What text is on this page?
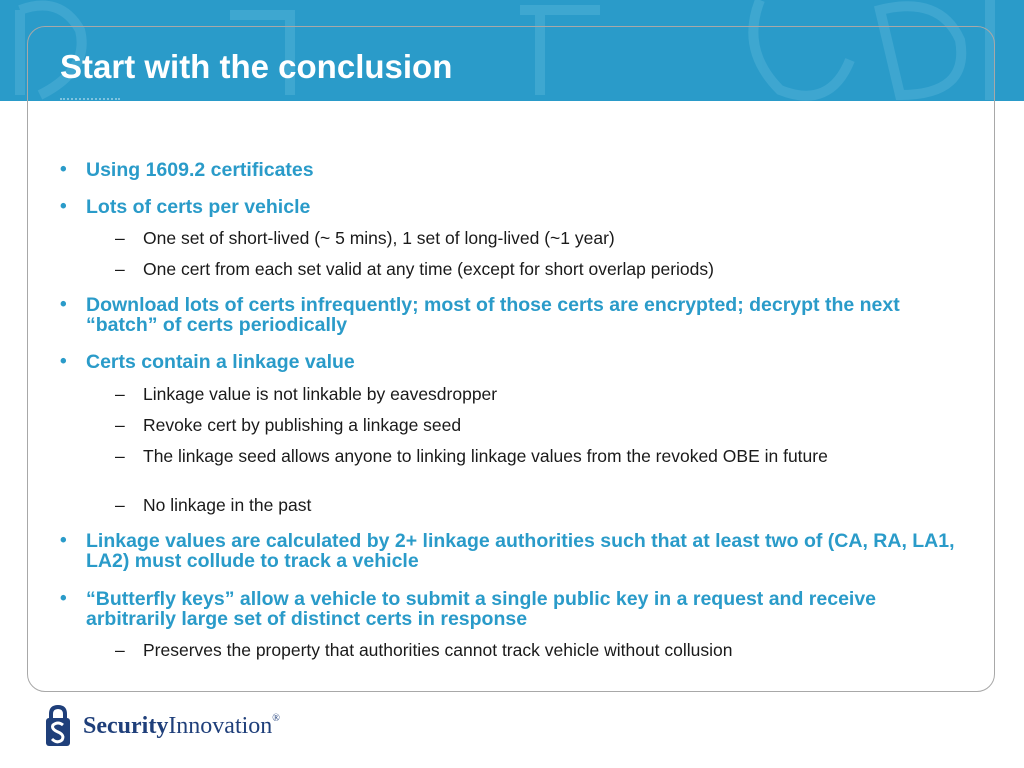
Start with the conclusion
• Using 1609.2 certificates
• Lots of certs per vehicle
– One set of short-lived (~ 5 mins), 1 set of long-lived (~1 year)
– One cert from each set valid at any time (except for short overlap periods)
• Download lots of certs infrequently; most of those certs are encrypted; decrypt the next “batch” of certs periodically
• Certs contain a linkage value
– Linkage value is not linkable by eavesdropper
– Revoke cert by publishing a linkage seed
– The linkage seed allows anyone to linking linkage values from the revoked OBE in future
– No linkage in the past
• Linkage values are calculated by 2+ linkage authorities such that at least two of (CA, RA, LA1, LA2) must collude to track a vehicle
• “Butterfly keys” allow a vehicle to submit a single public key in a request and receive arbitrarily large set of distinct certs in response
– Preserves the property that authorities cannot track vehicle without collusion
SecurityInnovation®
